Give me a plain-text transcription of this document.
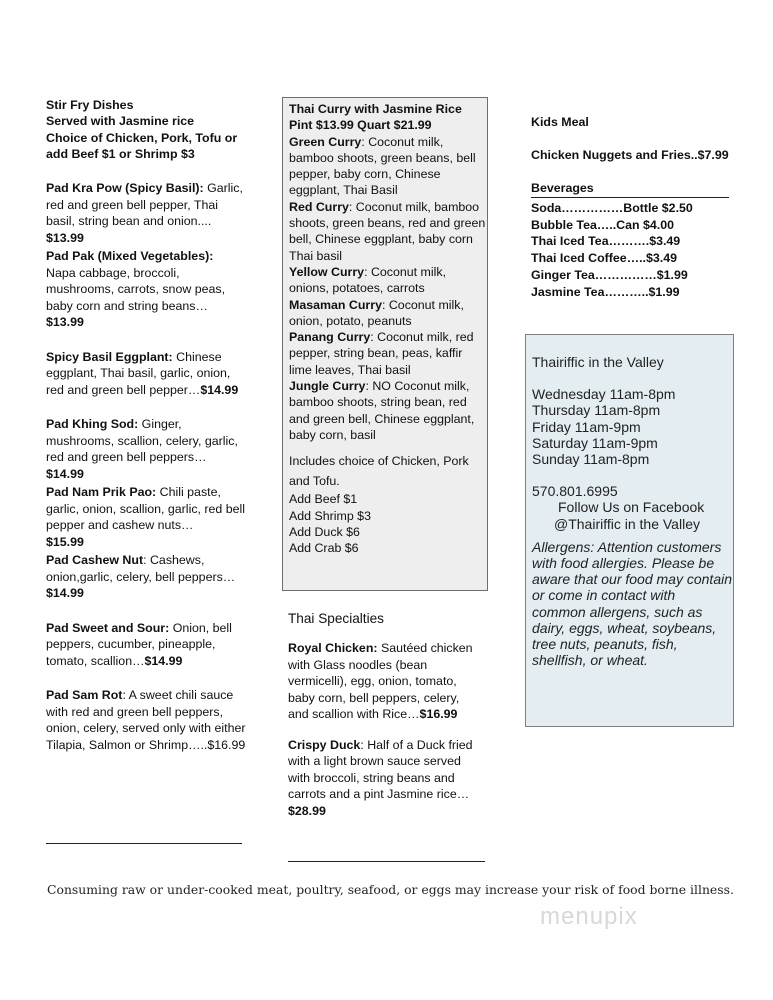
Stir Fry Dishes
Served with Jasmine rice
Choice of Chicken, Pork, Tofu or
add Beef $1 or Shrimp $3
Pad Kra Pow (Spicy Basil): Garlic, red and green bell pepper, Thai basil, string bean and onion....
$13.99
Pad Pak (Mixed Vegetables):
Napa cabbage, broccoli, mushrooms, carrots, snow peas, baby corn and string beans…
$13.99
Spicy Basil Eggplant: Chinese eggplant, Thai basil, garlic, onion, red and green bell pepper…$14.99
Pad Khing Sod: Ginger, mushrooms, scallion, celery, garlic, red and green bell peppers…
$14.99
Pad Nam Prik Pao: Chili paste, garlic, onion, scallion, garlic, red bell pepper and cashew nuts…
$15.99
Pad Cashew Nut: Cashews, onion,garlic, celery, bell peppers…
$14.99
Pad Sweet and Sour: Onion, bell peppers, cucumber, pineapple, tomato, scallion…$14.99
Pad Sam Rot: A sweet chili sauce with red and green bell peppers, onion, celery, served only with either Tilapia, Salmon or Shrimp…..$16.99
Thai Curry with Jasmine Rice
Pint $13.99 Quart $21.99
Green Curry: Coconut milk, bamboo shoots, green beans, bell pepper, baby corn, Chinese eggplant, Thai Basil
Red Curry: Coconut milk, bamboo shoots, green beans, red and green bell, Chinese eggplant, baby corn Thai basil
Yellow Curry: Coconut milk, onions, potatoes, carrots
Masaman Curry: Coconut milk, onion, potato, peanuts
Panang Curry: Coconut milk, red pepper, string bean, peas, kaffir lime leaves, Thai basil
Jungle Curry: NO Coconut milk, bamboo shoots, string bean, red and green bell, Chinese eggplant, baby corn, basil
Includes choice of Chicken, Pork and Tofu.
Add Beef $1
Add Shrimp $3
Add Duck $6
Add Crab $6
Thai Specialties
Royal Chicken: Sautéed chicken with Glass noodles (bean vermicelli), egg, onion, tomato, baby corn, bell peppers, celery, and scallion with Rice…$16.99
Crispy Duck: Half of a Duck fried with a light brown sauce served with broccoli, string beans and carrots and a pint Jasmine rice…
$28.99
Kids Meal
Chicken Nuggets and Fries..$7.99
Beverages
Soda……………Bottle $2.50
Bubble Tea…..Can $4.00
Thai Iced Tea……….$3.49
Thai Iced Coffee…..$3.49
Ginger Tea……………$1.99
Jasmine Tea………..$1.99
Thairiffic in the Valley
Wednesday 11am-8pm
Thursday 11am-8pm
Friday 11am-9pm
Saturday 11am-9pm
Sunday 11am-8pm
570.801.6995
Follow Us on Facebook
@Thairiffic in the Valley
Allergens: Attention customers with food allergies. Please be aware that our food may contain or come in contact with common allergens, such as dairy, eggs, wheat, soybeans, tree nuts, peanuts, fish, shellfish, or wheat.
Consuming raw or under-cooked meat, poultry, seafood, or eggs may increase your risk of food borne illness.
menupix
